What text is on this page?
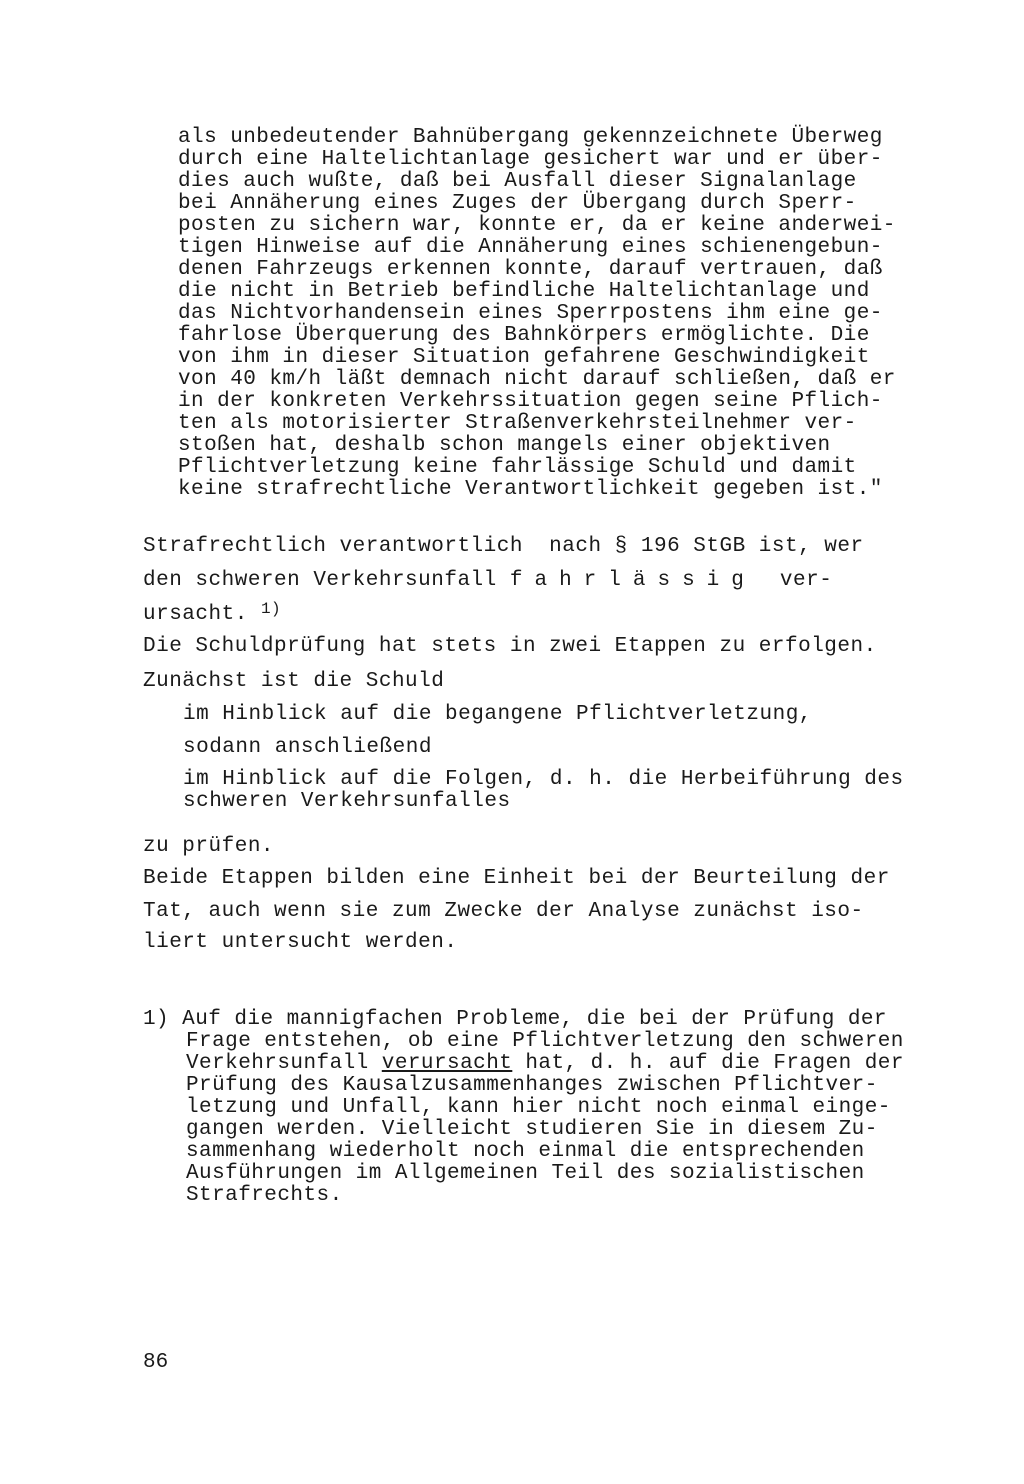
als unbedeutender Bahnübergang gekennzeichnete Überweg

durch eine Haltelichtanlage gesichert war und er über-

dies auch wußte, daß bei Ausfall dieser Signalanlage

bei Annäherung eines Zuges der Übergang durch Sperr-

posten zu sichern war, konnte er, da er keine anderwei-

tigen Hinweise auf die Annäherung eines schienengebun-

denen Fahrzeugs erkennen konnte, darauf vertrauen, daß

die nicht in Betrieb befindliche Haltelichtanlage und

das Nichtvorhandensein eines Sperrpostens ihm eine ge-

fahrlose Überquerung des Bahnkörpers ermöglichte. Die

von ihm in dieser Situation gefahrene Geschwindigkeit

von 40 km/h läßt demnach nicht darauf schließen, daß er

in der konkreten Verkehrssituation gegen seine Pflich-

ten als motorisierter Straßenverkehrsteilnehmer ver-

stoßen hat, deshalb schon mangels einer objektiven

Pflichtverletzung keine fahrlässige Schuld und damit

keine strafrechtliche Verantwortlichkeit gegeben ist."

Strafrechtlich verantwortlich  nach § 196 StGB ist, wer

den schweren Verkehrsunfall fahrlässig ver-

ursacht. $^{1)}$

Die Schuldprüfung hat stets in zwei Etappen zu erfolgen.

Zunächst ist die Schuld

im Hinblick auf die begangene Pflichtverletzung,

sodann anschließend

im Hinblick auf die Folgen, d. h. die Herbeiführung des

schweren Verkehrsunfalles

zu prüfen.

Beide Etappen bilden eine Einheit bei der Beurteilung der

Tat, auch wenn sie zum Zwecke der Analyse zunächst iso-

liert untersucht werden.

1) Auf die mannigfachen Probleme, die bei der Prüfung der

Frage entstehen, ob eine Pflichtverletzung den schweren

Verkehrsunfall verursacht hat, d. h. auf die Fragen der

Prüfung des Kausalzusammenhanges zwischen Pflichtver-

letzung und Unfall, kann hier nicht noch einmal einge-

gangen werden. Vielleicht studieren Sie in diesem Zu-

sammenhang wiederholt noch einmal die entsprechenden

Ausführungen im Allgemeinen Teil des sozialistischen

Strafrechts.

86
